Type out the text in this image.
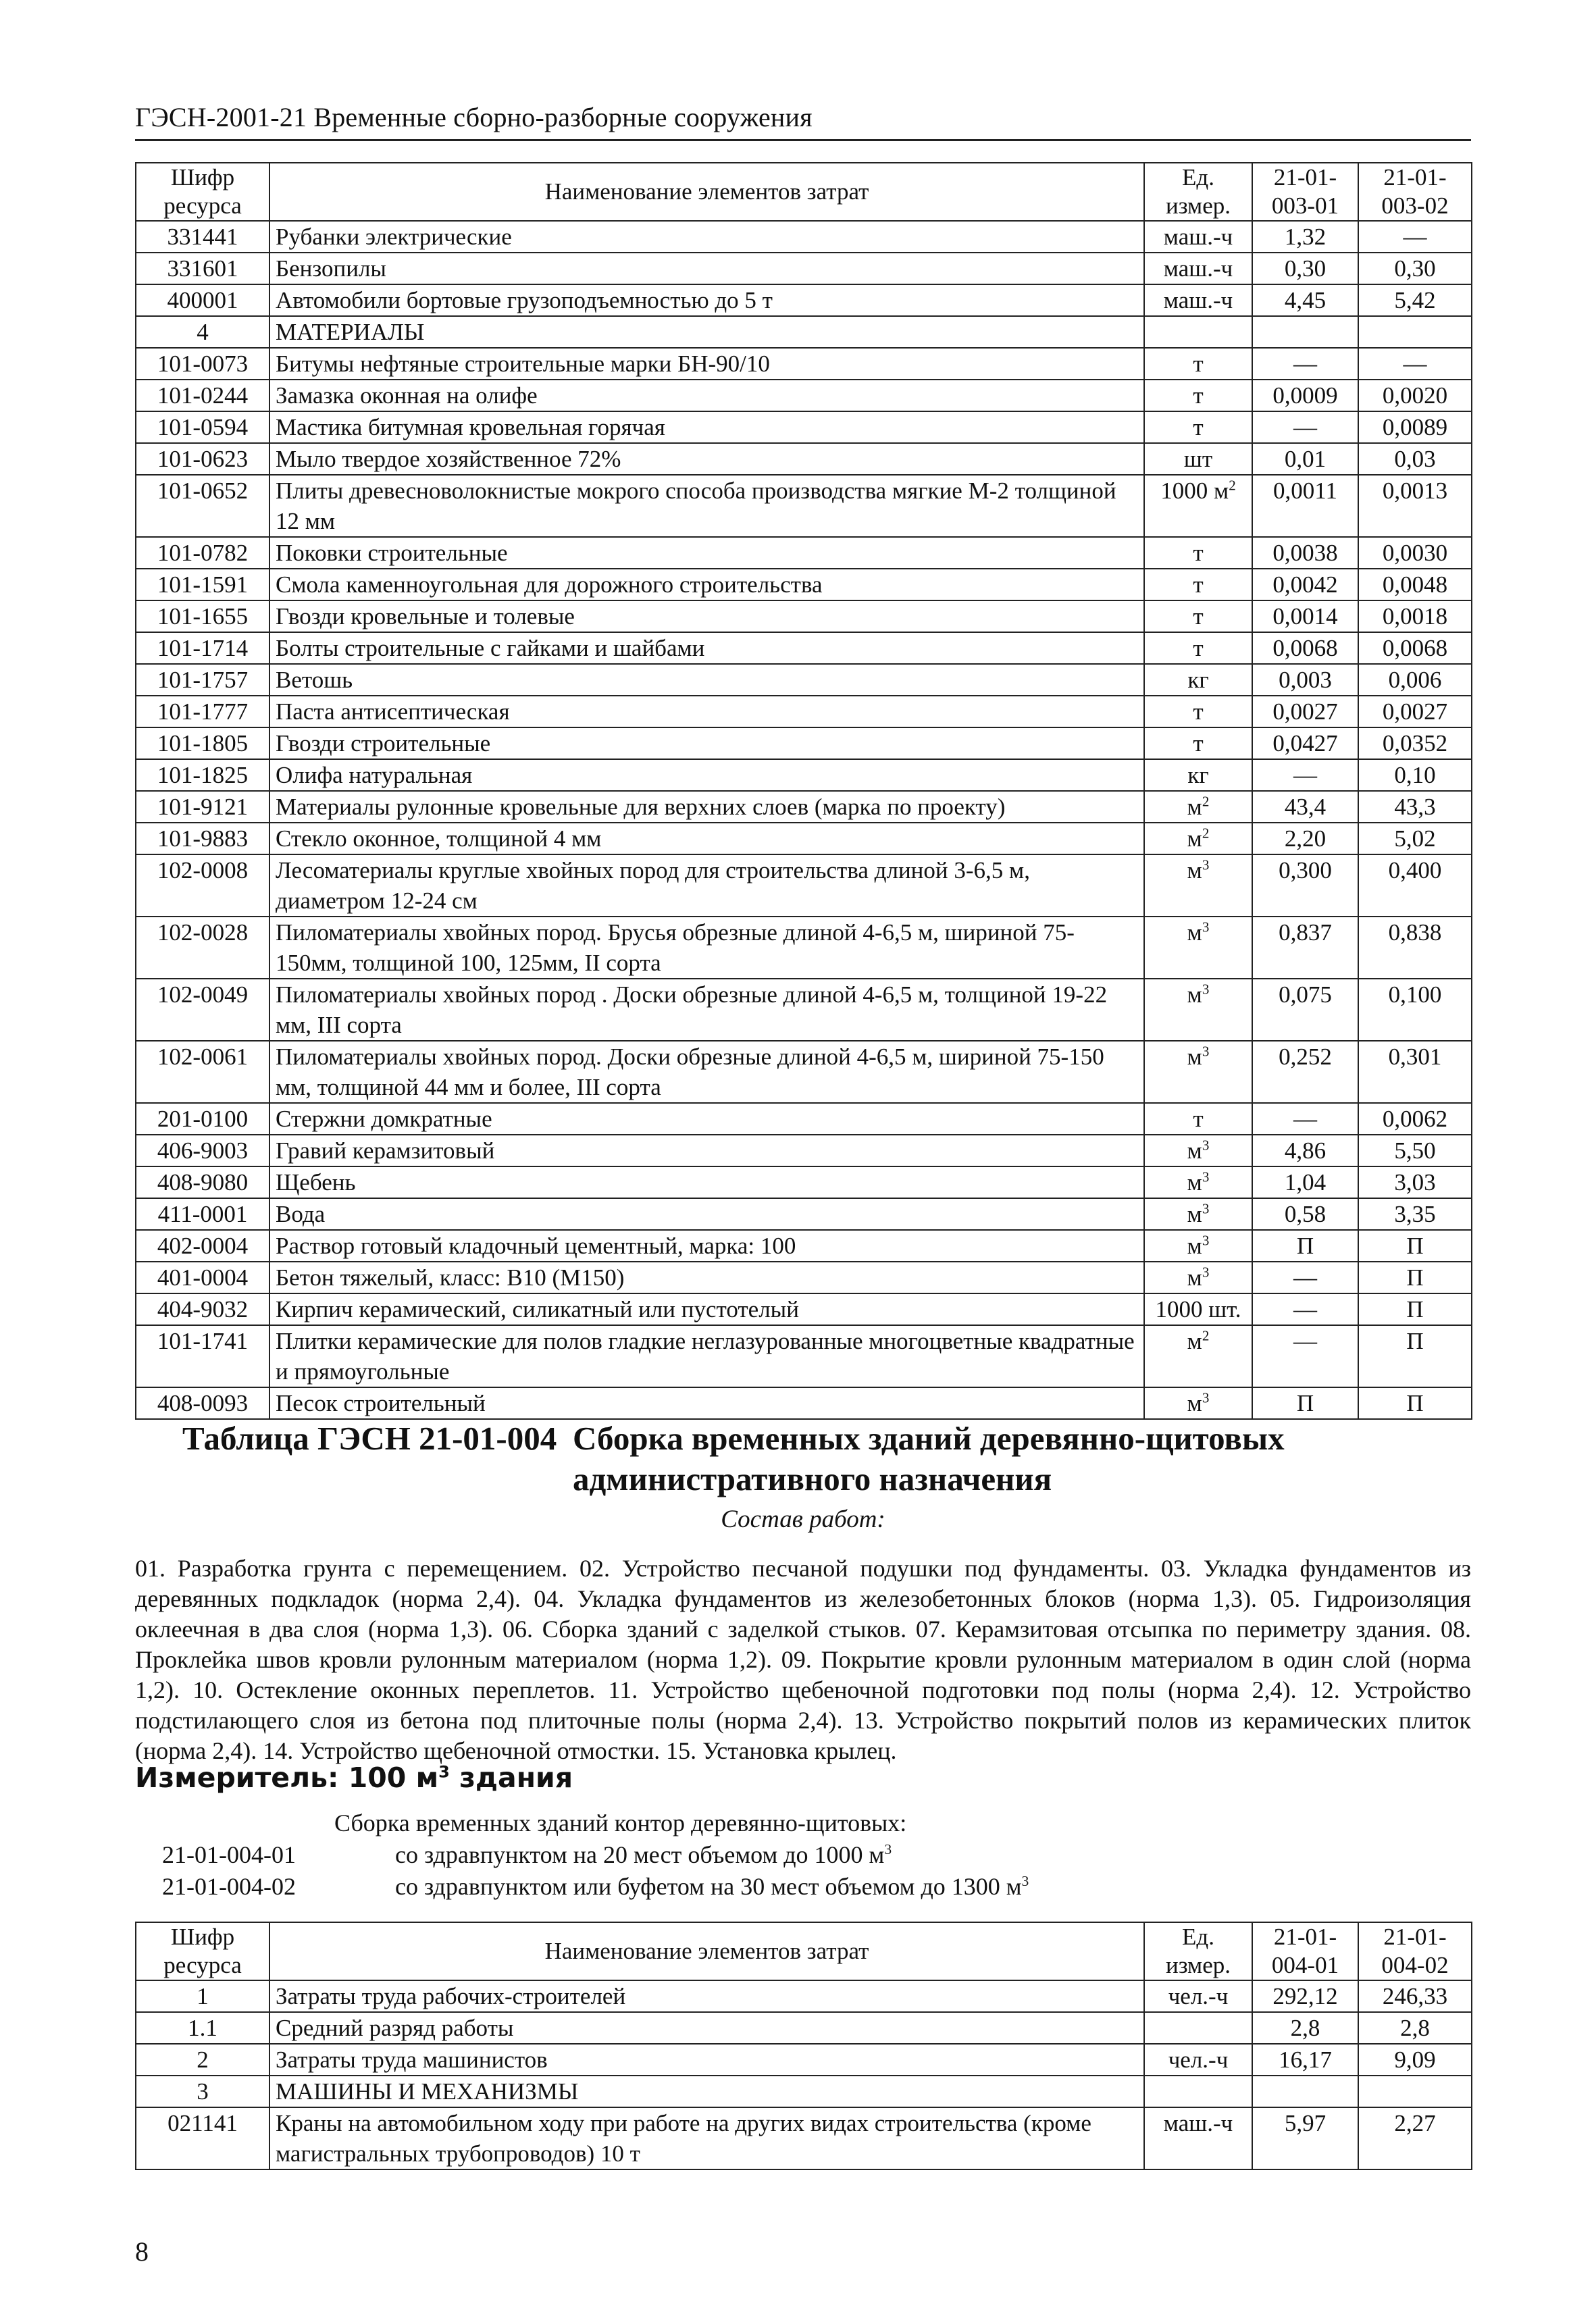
ГЭСН-2001-21 Временные сборно-разборные сооружения
Шифр ресурса	Наименование элементов затрат	Ед. измер.	21-01-003-01	21-01-003-02
331441	Рубанки электрические	маш.-ч	1,32	—
331601	Бензопилы	маш.-ч	0,30	0,30
400001	Автомобили бортовые грузоподъемностью до 5 т	маш.-ч	4,45	5,42
4	МАТЕРИАЛЫ			
101-0073	Битумы нефтяные строительные марки БН-90/10	т	—	—
101-0244	Замазка оконная на олифе	т	0,0009	0,0020
101-0594	Мастика битумная кровельная горячая	т	—	0,0089
101-0623	Мыло твердое хозяйственное 72%	шт	0,01	0,03
101-0652	Плиты древесноволокнистые мокрого способа производства мягкие М-2 толщиной 12 мм	1000 $м^2$	0,0011	0,0013
101-0782	Поковки строительные	т	0,0038	0,0030
101-1591	Смола каменноугольная для дорожного строительства	т	0,0042	0,0048
101-1655	Гвозди кровельные и толевые	т	0,0014	0,0018
101-1714	Болты строительные с гайками и шайбами	т	0,0068	0,0068
101-1757	Ветошь	кг	0,003	0,006
101-1777	Паста антисептическая	т	0,0027	0,0027
101-1805	Гвозди строительные	т	0,0427	0,0352
101-1825	Олифа натуральная	кг	—	0,10
101-9121	Материалы рулонные кровельные для верхних слоев (марка по проекту)	$м^2$	43,4	43,3
101-9883	Стекло оконное, толщиной 4 мм	$м^2$	2,20	5,02
102-0008	Лесоматериалы круглые хвойных пород для строительства длиной 3-6,5 м, диаметром 12-24 см	$м^3$	0,300	0,400
102-0028	Пиломатериалы хвойных пород. Брусья обрезные длиной 4-6,5 м, шириной 75-150мм, толщиной 100, 125мм, II сорта	$м^3$	0,837	0,838
102-0049	Пиломатериалы хвойных пород . Доски обрезные длиной 4-6,5 м, толщиной 19-22 мм, III сорта	$м^3$	0,075	0,100
102-0061	Пиломатериалы хвойных пород. Доски обрезные длиной 4-6,5 м, шириной 75-150 мм, толщиной 44 мм и более, III сорта	$м^3$	0,252	0,301
201-0100	Стержни домкратные	т	—	0,0062
406-9003	Гравий керамзитовый	$м^3$	4,86	5,50
408-9080	Щебень	$м^3$	1,04	3,03
411-0001	Вода	$м^3$	0,58	3,35
402-0004	Раствор готовый кладочный цементный, марка: 100	$м^3$	П	П
401-0004	Бетон тяжелый, класс: В10 (М150)	$м^3$	—	П
404-9032	Кирпич керамический, силикатный или пустотелый	1000 шт.	—	П
101-1741	Плитки керамические для полов гладкие неглазурованные многоцветные квадратные и прямоугольные	$м^2$	—	П
408-0093	Песок строительный	$м^3$	П	П
Таблица ГЭСН 21-01-004 Сборка временных зданий деревянно-щитовых административного назначения
Состав работ:
01. Разработка грунта с перемещением. 02. Устройство песчаной подушки под фундаменты. 03. Укладка фундаментов из деревянных подкладок (норма 2,4). 04. Укладка фундаментов из железобетонных блоков (норма 1,3). 05. Гидроизоляция оклеечная в два слоя (норма 1,3). 06. Сборка зданий с заделкой стыков. 07. Керамзитовая отсыпка по периметру здания. 08. Проклейка швов кровли рулонным материалом (норма 1,2). 09. Покрытие кровли рулонным материалом в один слой (норма 1,2). 10. Остекление оконных переплетов. 11. Устройство щебеночной подготовки под полы (норма 2,4). 12. Устройство подстилающего слоя из бетона под плиточные полы (норма 2,4). 13. Устройство покрытий полов из керамических плиток (норма 2,4). 14. Устройство щебеночной отмостки. 15. Установка крылец.
Измеритель: 100 $м^3$ здания
Сборка временных зданий контор деревянно-щитовых:
21-01-004-01	со здравпунктом на 20 мест объемом до 1000 $м^3$
21-01-004-02	со здравпунктом или буфетом на 30 мест объемом до 1300 $м^3$
Шифр ресурса	Наименование элементов затрат	Ед. измер.	21-01-004-01	21-01-004-02
1	Затраты труда рабочих-строителей	чел.-ч	292,12	246,33
1.1	Средний разряд работы		2,8	2,8
2	Затраты труда машинистов	чел.-ч	16,17	9,09
3	МАШИНЫ И МЕХАНИЗМЫ			
021141	Краны на автомобильном ходу при работе на других видах строительства (кроме магистральных трубопроводов) 10 т	маш.-ч	5,97	2,27
8
